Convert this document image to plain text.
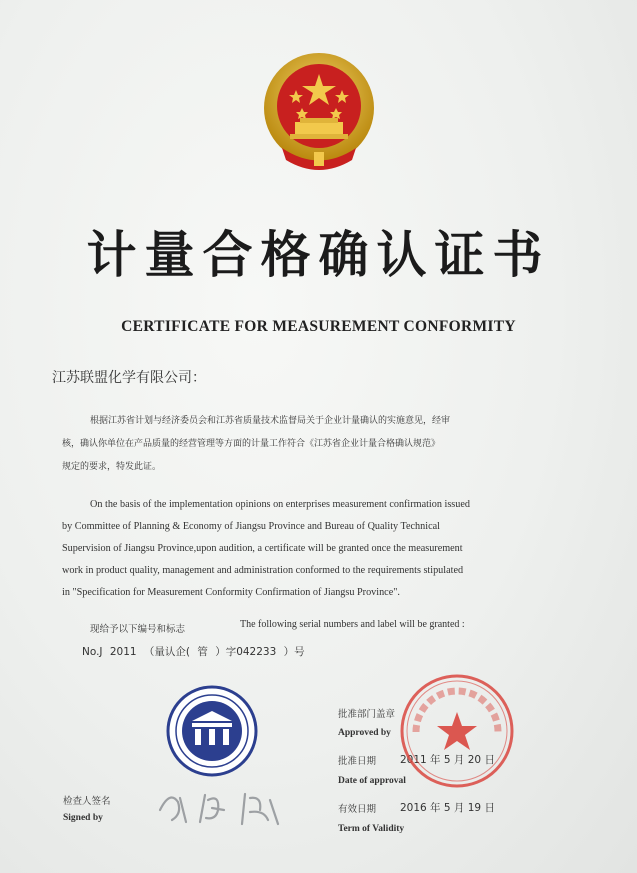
计量合格确认证书
CERTIFICATE FOR MEASUREMENT CONFORMITY
江苏联盟化学有限公司：
根据江苏省计划与经济委员会和江苏省质量技术监督局关于企业计量确认的实施意见，经审
核，确认你单位在产品质量的经营管理等方面的计量工作符合《江苏省企业计量合格确认规范》
规定的要求，特发此证。
On the basis of the implementation opinions on enterprises measurement confirmation issued
by Committee of Planning & Economy of Jiangsu Province and Bureau of Quality Technical
Supervision of Jiangsu Province,upon audition, a certificate will be granted once the measurement
work in product quality, management and administration conformed to the requirements stipulated
in "Specification for Measurement Conformity Confirmation of Jiangsu Province".
现给予以下编号和标志	The following serial numbers and label will be granted :
No.J 2011 （量认企( 管 ）字042233 ）号
批准部门盖章
Approved by
批准日期 2011 年 5 月 20 日
Date of approval
有效日期 2016 年 5 月 19 日
Term of Validity
检查人签名
Signed by
